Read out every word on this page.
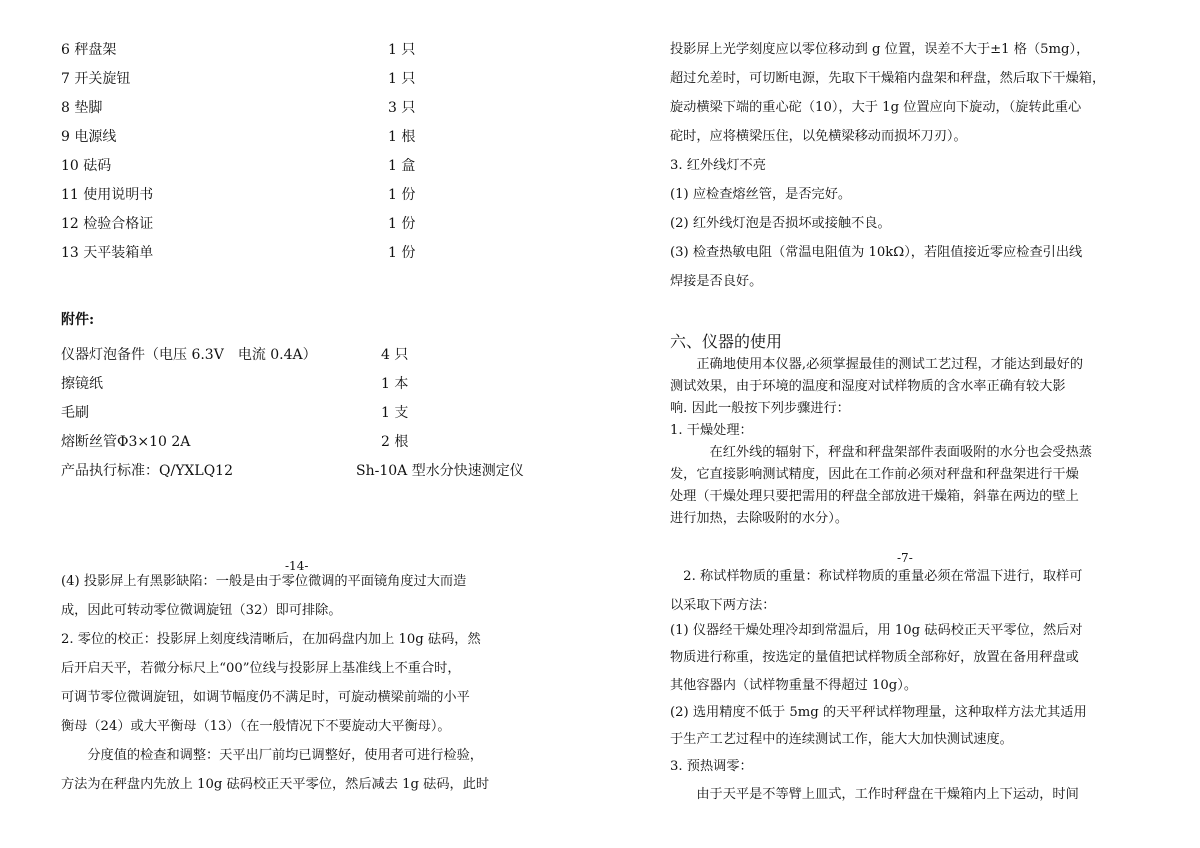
6 秤盘架	1 只
7 开关旋钮	1 只
8 垫脚	3 只
9 电源线	1 根
10 砝码	1 盒
11 使用说明书	1 份
12 检验合格证	1 份
13 天平装箱单	1 份
附件:
仪器灯泡备件（电压 6.3V　电流 0.4A）	4 只
擦镜纸	1 本
毛刷	1 支
熔断丝管Φ3×10 2A	2 根
产品执行标准：Q/YXLQ12	Sh-10A 型水分快速测定仪
-14-
(4) 投影屏上有黑影缺陷：一般是由于零位微调的平面镜角度过大而造
成，因此可转动零位微调旋钮（32）即可排除。
2. 零位的校正：投影屏上刻度线清晰后，在加码盘内加上 10g 砝码，然
后开启天平，若微分标尺上“00”位线与投影屏上基准线上不重合时，
可调节零位微调旋钮，如调节幅度仍不满足时，可旋动横梁前端的小平
衡母（24）或大平衡母（13）（在一般情况下不要旋动大平衡母）。
　　分度值的检查和调整：天平出厂前均已调整好，使用者可进行检验，
方法为在秤盘内先放上 10g 砝码校正天平零位，然后减去 1g 砝码，此时
投影屏上光学刻度应以零位移动到 g 位置，误差不大于±1 格（5mg），
超过允差时，可切断电源，先取下干燥箱内盘架和秤盘，然后取下干燥箱，
旋动横梁下端的重心砣（10），大于 1g 位置应向下旋动，（旋转此重心
砣时，应将横梁压住，以免横梁移动而损坏刀刃）。
3. 红外线灯不亮
(1) 应检查熔丝管，是否完好。
(2) 红外线灯泡是否损坏或接触不良。
(3) 检查热敏电阻（常温电阻值为 10kΩ），若阻值接近零应检查引出线
焊接是否良好。
六、仪器的使用
　　正确地使用本仪器,必须掌握最佳的测试工艺过程，才能达到最好的
测试效果，由于环境的温度和湿度对试样物质的含水率正确有较大影
响. 因此一般按下列步骤进行：
1. 干燥处理：
　　　在红外线的辐射下，秤盘和秤盘架部件表面吸附的水分也会受热蒸
发，它直接影响测试精度，因此在工作前必须对秤盘和秤盘架进行干燥
处理（干燥处理只要把需用的秤盘全部放进干燥箱，斜靠在两边的壁上
进行加热，去除吸附的水分）。
-7-
　2. 称试样物质的重量：称试样物质的重量必须在常温下进行，取样可
以采取下两方法：
(1) 仪器经干燥处理冷却到常温后，用 10g 砝码校正天平零位，然后对
物质进行称重，按选定的量值把试样物质全部称好，放置在备用秤盘或
其他容器内（试样物重量不得超过 10g）。
(2) 选用精度不低于 5mg 的天平秤试样物理量，这种取样方法尤其适用
于生产工艺过程中的连续测试工作，能大大加快测试速度。
3. 预热调零：
　　由于天平是不等臂上皿式，工作时秤盘在干燥箱内上下运动，时间
